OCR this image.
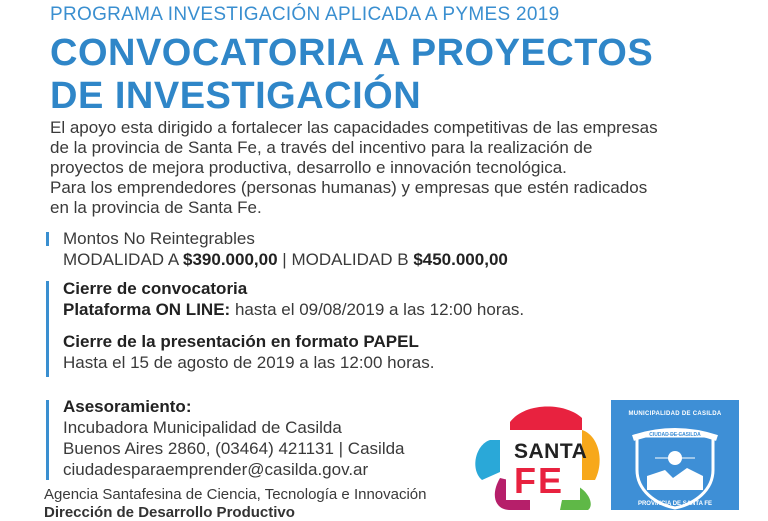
PROGRAMA INVESTIGACIÓN APLICADA A PYMES 2019
CONVOCATORIA A PROYECTOS
DE INVESTIGACIÓN
El apoyo esta dirigido a fortalecer las capacidades competitivas de las empresas
de la provincia de Santa Fe, a través del incentivo para la realización de
proyectos de mejora productiva, desarrollo e innovación tecnológica.
Para los emprendedores (personas humanas) y empresas que estén radicados
en la provincia de Santa Fe.
Montos No Reintegrables
MODALIDAD A $390.000,00 | MODALIDAD B $450.000,00
Cierre de convocatoria
Plataforma ON LINE: hasta el 09/08/2019 a las 12:00 horas.
Cierre de la presentación en formato PAPEL
Hasta el 15 de agosto de 2019 a las 12:00 horas.
Asesoramiento:
Incubadora Municipalidad de Casilda
Buenos Aires 2860, (03464) 421131 | Casilda
ciudadesparaemprender@casilda.gov.ar
Agencia Santafesina de Ciencia, Tecnología e Innovación
Dirección de Desarrollo Productivo
SANTA
FE
MUNICIPALIDAD DE CASILDA
CIUDAD DE CASILDA
PROVINCIA DE SANTA FE
